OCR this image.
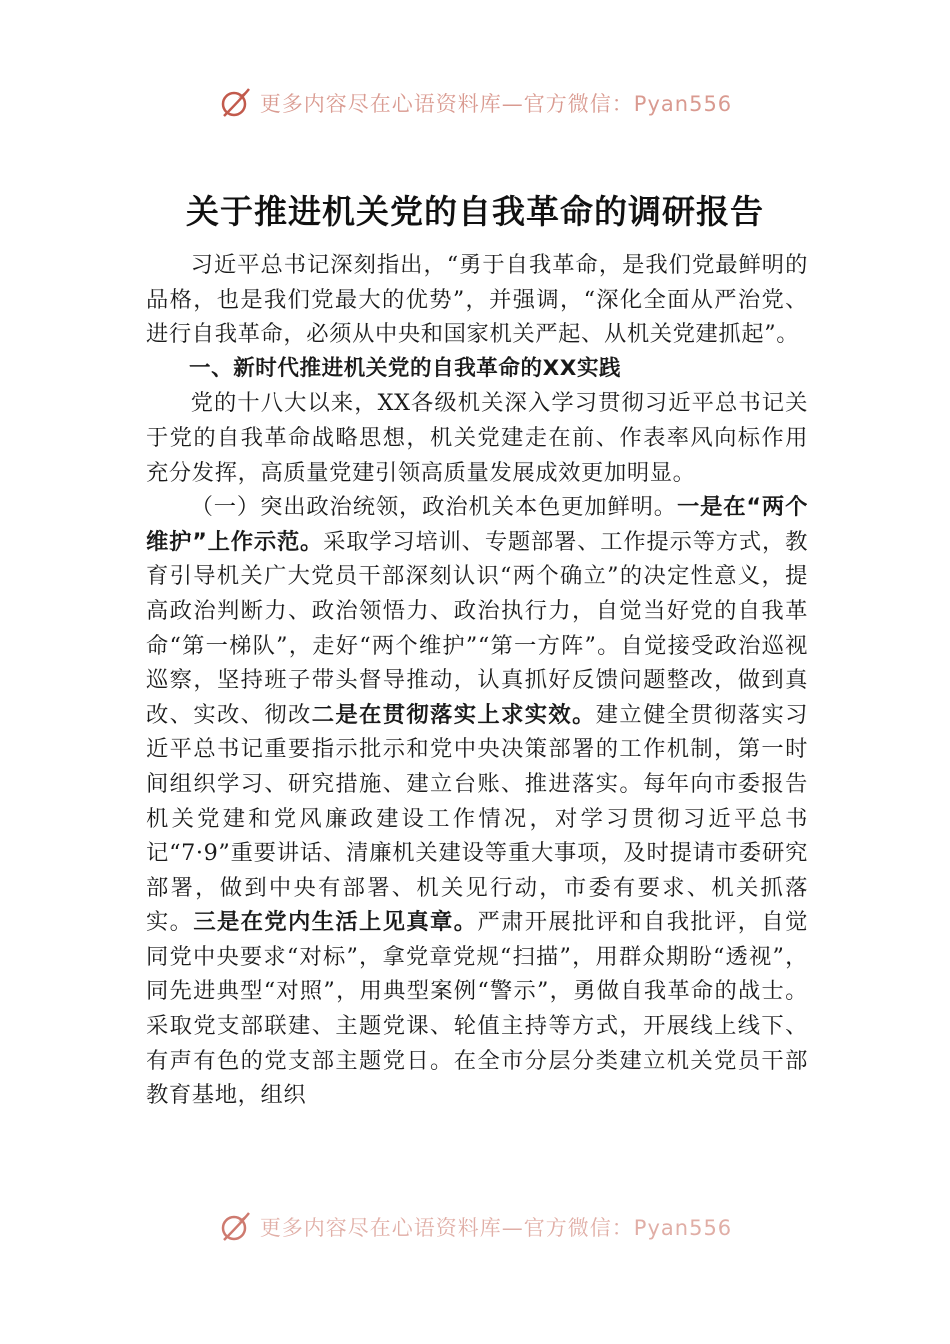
更多内容尽在心语资料库—官方微信：Pyan556
关于推进机关党的自我革命的调研报告

习近平总书记深刻指出，“勇于自我革命，是我们党最鲜明的品格，也是我们党最大的优势”，并强调，“深化全面从严治党、进行自我革命，必须从中央和国家机关严起、从机关党建抓起”。

一、新时代推进机关党的自我革命的XX实践

党的十八大以来，XX各级机关深入学习贯彻习近平总书记关于党的自我革命战略思想，机关党建走在前、作表率风向标作用充分发挥，高质量党建引领高质量发展成效更加明显。

（一）突出政治统领，政治机关本色更加鲜明。一是在“两个维护”上作示范。采取学习培训、专题部署、工作提示等方式，教育引导机关广大党员干部深刻认识“两个确立”的决定性意义，提高政治判断力、政治领悟力、政治执行力，自觉当好党的自我革命“第一梯队”，走好“两个维护”“第一方阵”。自觉接受政治巡视巡察，坚持班子带头督导推动，认真抓好反馈问题整改，做到真改、实改、彻改二是在贯彻落实上求实效。建立健全贯彻落实习近平总书记重要指示批示和党中央决策部署的工作机制，第一时间组织学习、研究措施、建立台账、推进落实。每年向市委报告机关党建和党风廉政建设工作情况，对学习贯彻习近平总书记“7·9”重要讲话、清廉机关建设等重大事项，及时提请市委研究部署，做到中央有部署、机关见行动，市委有要求、机关抓落实。三是在党内生活上见真章。严肃开展批评和自我批评，自觉同党中央要求“对标”，拿党章党规“扫描”，用群众期盼“透视”，同先进典型“对照”，用典型案例“警示”，勇做自我革命的战士。采取党支部联建、主题党课、轮值主持等方式，开展线上线下、有声有色的党支部主题党日。在全市分层分类建立机关党员干部教育基地，组织

更多内容尽在心语资料库—官方微信：Pyan556
